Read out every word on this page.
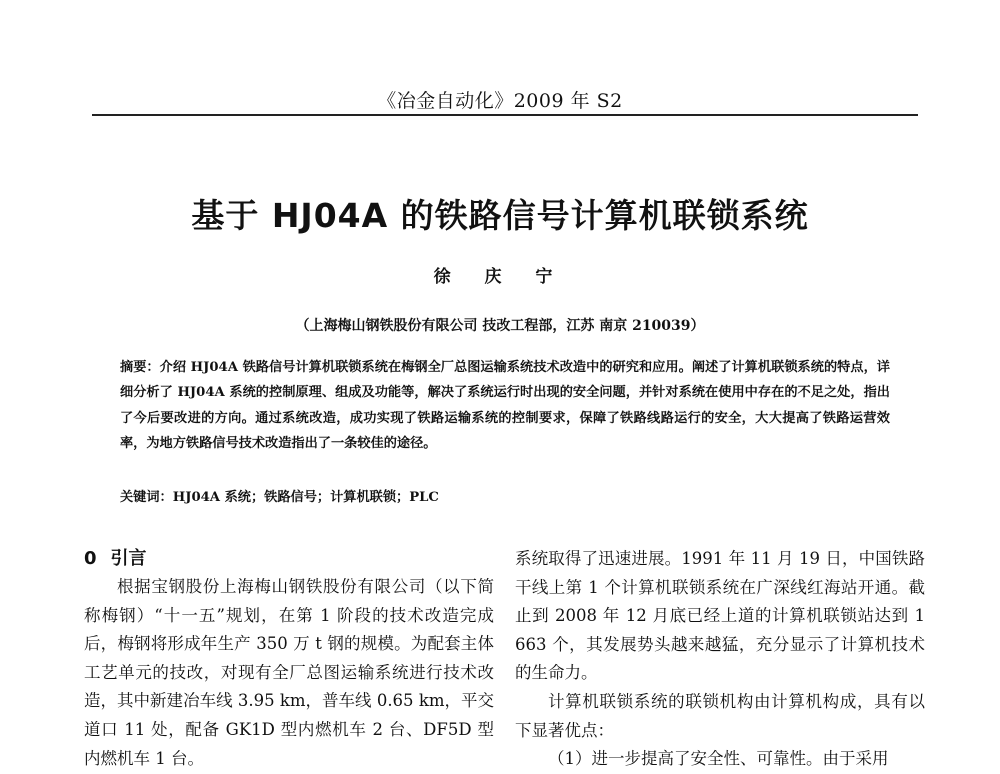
《冶金自动化》2009 年 S2
基于 HJ04A 的铁路信号计算机联锁系统
徐 庆 宁
（上海梅山钢铁股份有限公司 技改工程部，江苏 南京 210039）
摘要：介绍 HJ04A 铁路信号计算机联锁系统在梅钢全厂总图运输系统技术改造中的研究和应用。阐述了计算机联锁系统的特点，详细分析了 HJ04A 系统的控制原理、组成及功能等，解决了系统运行时出现的安全问题，并针对系统在使用中存在的不足之处，指出了今后要改进的方向。通过系统改造，成功实现了铁路运输系统的控制要求，保障了铁路线路运行的安全，大大提高了铁路运营效率，为地方铁路信号技术改造指出了一条较佳的途径。
关键词：HJ04A 系统；铁路信号；计算机联锁；PLC
0 引言

根据宝钢股份上海梅山钢铁股份有限公司（以下简称梅钢）“十一五”规划，在第 1 阶段的技术改造完成后，梅钢将形成年生产 350 万 t 钢的规模。为配套主体工艺单元的技改，对现有全厂总图运输系统进行技术改造，其中新建冶车线 3.95 km，普车线 0.65 km，平交道口 11 处，配备 GK1D 型内燃机车 2 台、DF5D 型内燃机车 1 台。

系统取得了迅速进展。1991 年 11 月 19 日，中国铁路干线上第 1 个计算机联锁系统在广深线红海站开通。截止到 2008 年 12 月底已经上道的计算机联锁站达到 1 663 个，其发展势头越来越猛，充分显示了计算机技术的生命力。

计算机联锁系统的联锁机构由计算机构成，具有以下显著优点：

（1）进一步提高了安全性、可靠性。由于采用
